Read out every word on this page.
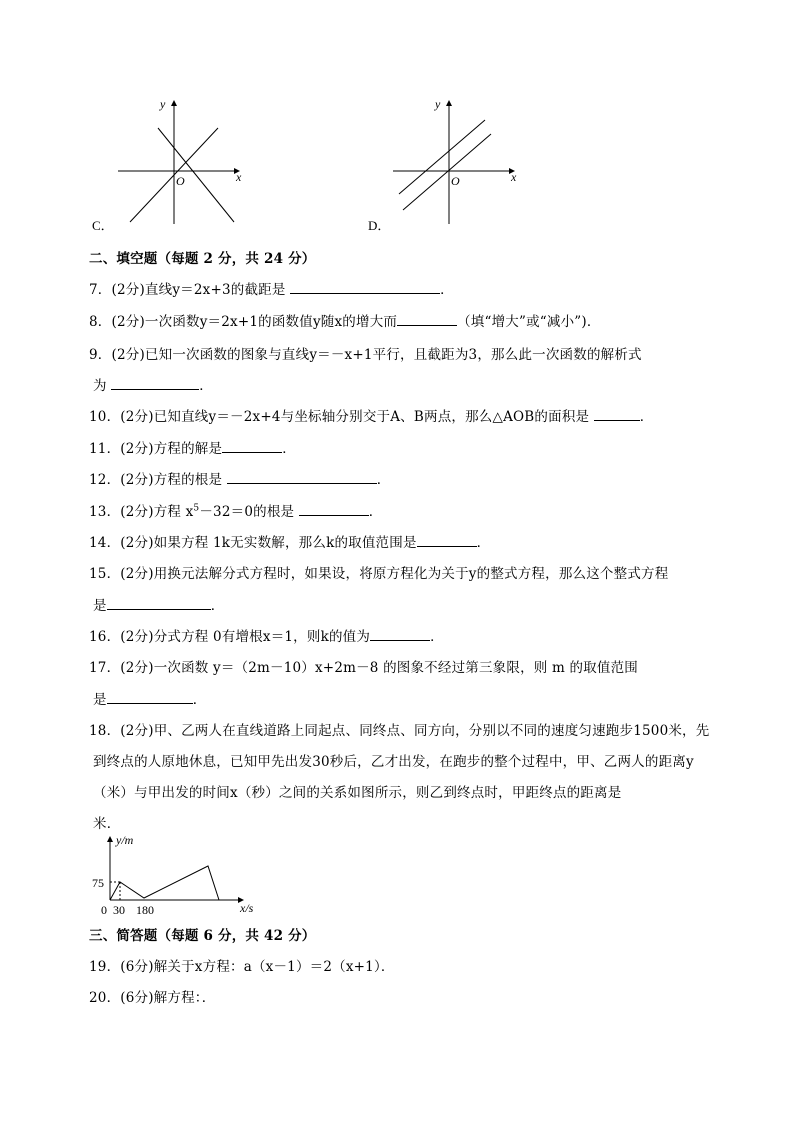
y
x
O
C．
y
x
O
D．
二、填空题（每题 2 分，共 24 分）
7．(2分)直线y＝2x+3的截距是	．
8．(2分)一次函数y＝2x+1的函数值y随x的增大而	（填“增大”或“减小”)．
9．(2分)已知一次函数的图象与直线y＝－x+1平行，且截距为3，那么此一次函数的解析式
为	．
10．(2分)已知直线y＝－2x+4与坐标轴分别交于A、B两点，那么△AOB的面积是	．
11．(2分)方程的解是	．
12．(2分)方程的根是	．
13．(2分)方程 $x^5-32=0$的根是	．
14．(2分)如果方程 1k无实数解，那么k的取值范围是	．
15．(2分)用换元法解分式方程时，如果设，将原方程化为关于y的整式方程，那么这个整式方程
是	．
16．(2分)分式方程 0有增根x＝1，则k的值为	．
17．(2分)一次函数 y＝（2m－10）x+2m－8 的图象不经过第三象限，则 m 的取值范围
是	．
18．(2分)甲、乙两人在直线道路上同起点、同终点、同方向，分别以不同的速度匀速跑步1500米，先
到终点的人原地休息，已知甲先出发30秒后，乙才出发，在跑步的整个过程中，甲、乙两人的距离y
（米）与甲出发的时间x（秒）之间的关系如图所示，则乙到终点时，甲距终点的距离是
米．
y/m
x/s
75
0 30 180
三、简答题（每题 6 分，共 42 分）
19．(6分)解关于x方程：a（x－1）＝2（x+1）．
20．(6分)解方程：．
